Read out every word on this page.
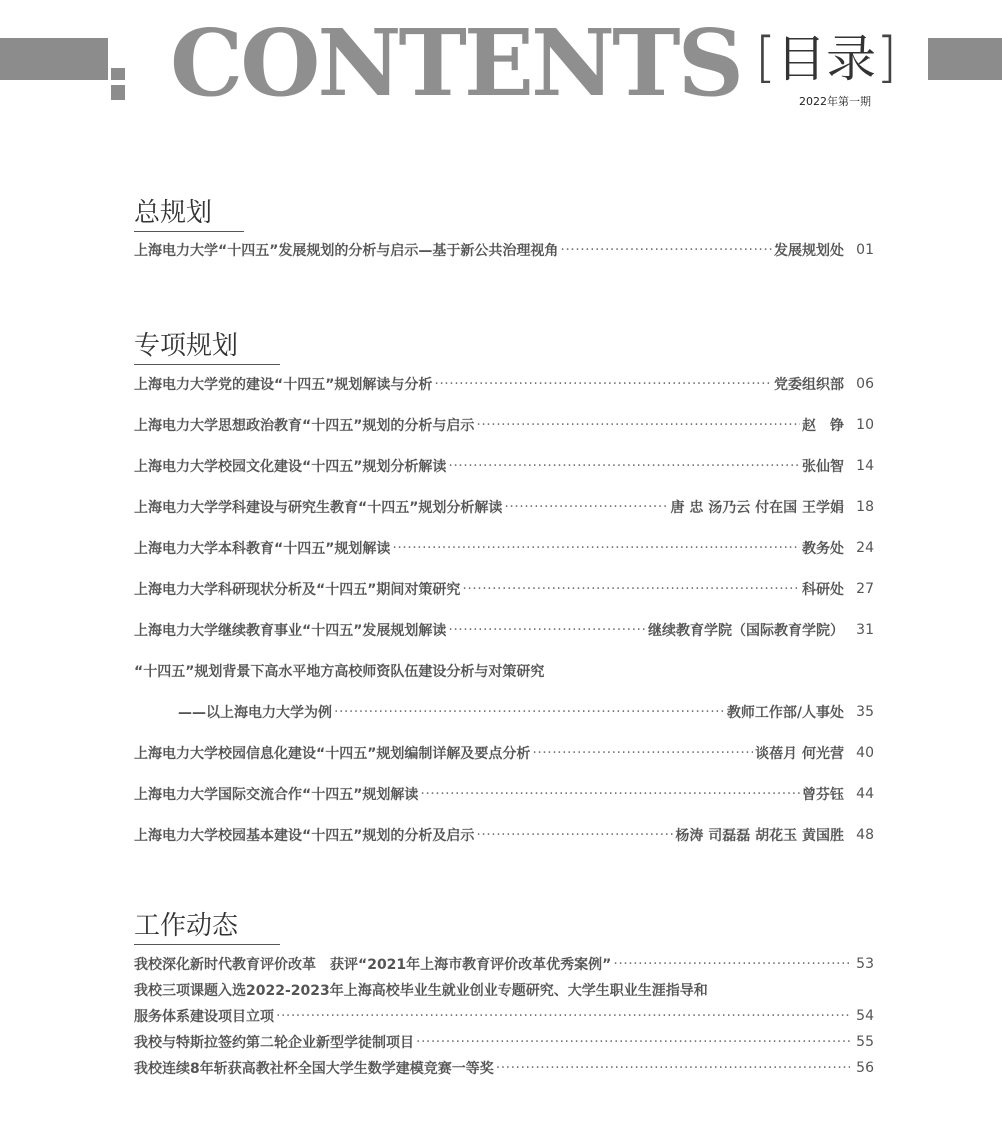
CONTENTS [目录]
2022年第一期
总规划
上海电力大学“十四五”发展规划的分析与启示—基于新公共治理视角 ·····	发展规划处 01
专项规划
上海电力大学党的建设“十四五”规划解读与分析 ·····	党委组织部 06
上海电力大学思想政治教育“十四五”规划的分析与启示 ·····	赵　铮 10
上海电力大学校园文化建设“十四五”规划分析解读 ·····	张仙智 14
上海电力大学学科建设与研究生教育“十四五”规划分析解读 ·····	唐 忠 汤乃云 付在国 王学娟 18
上海电力大学本科教育“十四五”规划解读 ·····	教务处 24
上海电力大学科研现状分析及“十四五”期间对策研究 ·····	科研处 27
上海电力大学继续教育事业“十四五”发展规划解读 ·····	继续教育学院（国际教育学院） 31
“十四五”规划背景下高水平地方高校师资队伍建设分析与对策研究
——以上海电力大学为例 ·····	教师工作部/人事处 35
上海电力大学校园信息化建设“十四五”规划编制详解及要点分析 ·····	谈蓓月 何光营 40
上海电力大学国际交流合作“十四五”规划解读 ·····	曾芬钰 44
上海电力大学校园基本建设“十四五”规划的分析及启示 ·····	杨涛 司磊磊 胡花玉 黄国胜 48
工作动态
我校深化新时代教育评价改革　获评“2021年上海市教育评价改革优秀案例” ·····	53
我校三项课题入选2022-2023年上海高校毕业生就业创业专题研究、大学生职业生涯指导和
服务体系建设项目立项 ·····	54
我校与特斯拉签约第二轮企业新型学徒制项目 ·····	55
我校连续8年斩获高教社杯全国大学生数学建模竞赛一等奖 ·····	56
